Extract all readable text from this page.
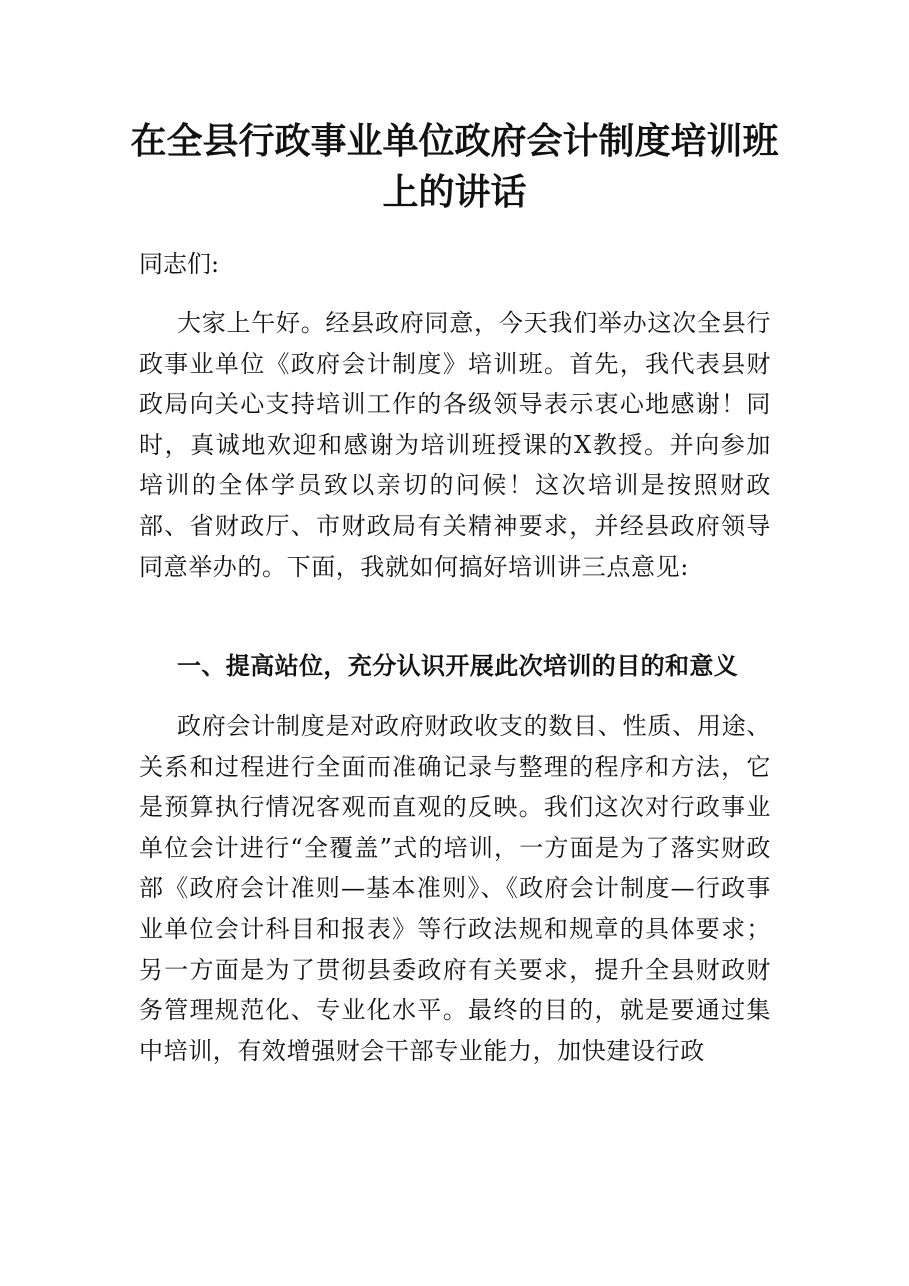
在全县行政事业单位政府会计制度培训班
上的讲话

同志们:

大家上午好。经县政府同意，今天我们举办这次全县行政事业单位《政府会计制度》培训班。首先，我代表县财政局向关心支持培训工作的各级领导表示衷心地感谢！同时，真诚地欢迎和感谢为培训班授课的X教授。并向参加培训的全体学员致以亲切的问候！这次培训是按照财政部、省财政厅、市财政局有关精神要求，并经县政府领导同意举办的。下面，我就如何搞好培训讲三点意见:

一、提高站位，充分认识开展此次培训的目的和意义

政府会计制度是对政府财政收支的数目、性质、用途、关系和过程进行全面而准确记录与整理的程序和方法，它是预算执行情况客观而直观的反映。我们这次对行政事业单位会计进行“全覆盖”式的培训，一方面是为了落实财政部《政府会计准则—基本准则》、《政府会计制度—行政事业单位会计科目和报表》等行政法规和规章的具体要求；另一方面是为了贯彻县委政府有关要求，提升全县财政财务管理规范化、专业化水平。最终的目的，就是要通过集中培训，有效增强财会干部专业能力，加快建设行政
